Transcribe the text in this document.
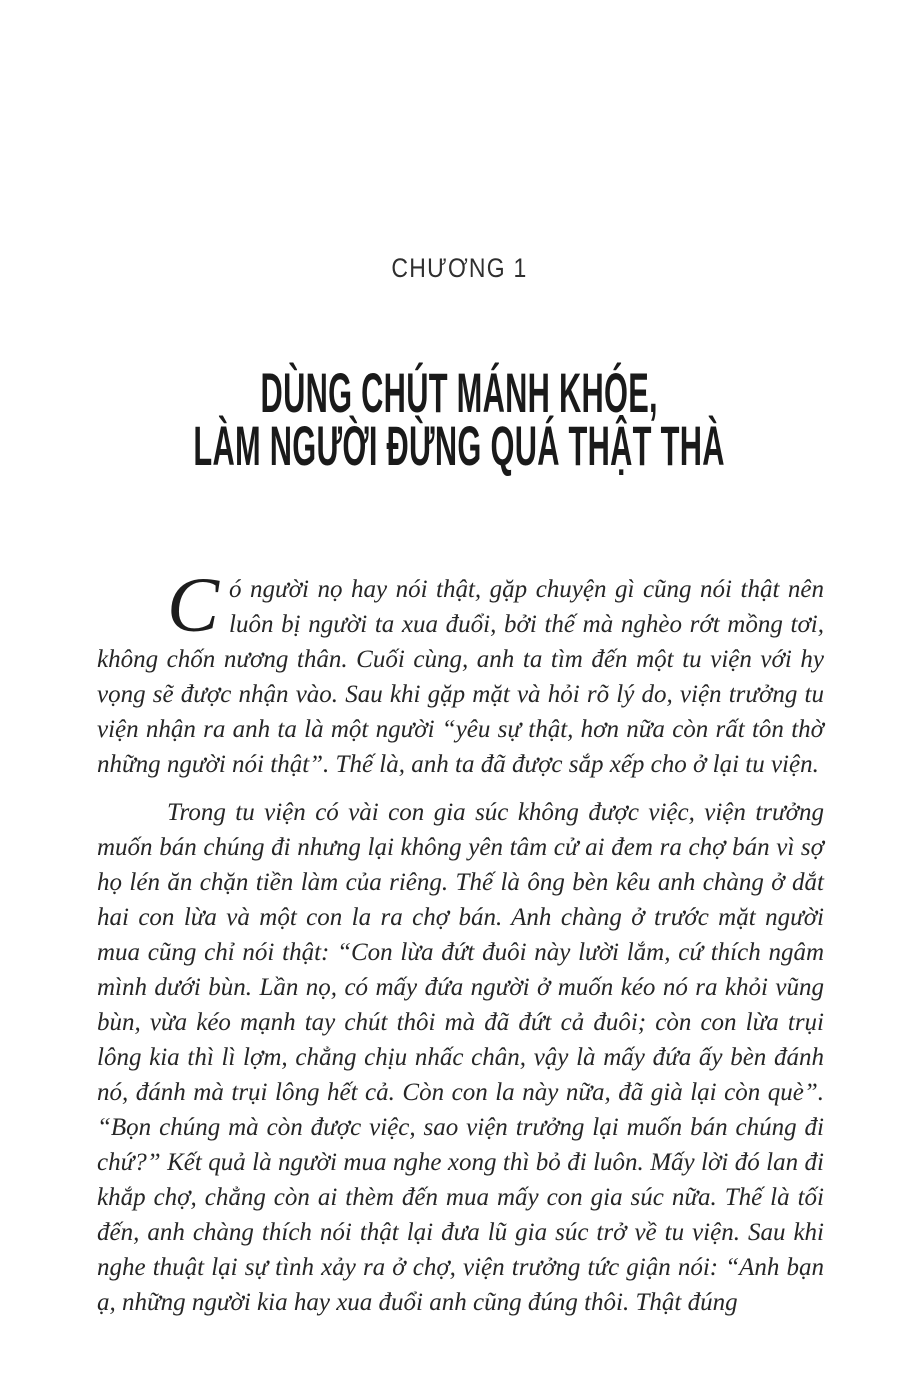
CHƯƠNG 1
DÙNG CHÚT MÁNH KHÓE,
LÀM NGƯỜI ĐỪNG QUÁ THẬT THÀ

Có người nọ hay nói thật, gặp chuyện gì cũng nói thật nên luôn bị người ta xua đuổi, bởi thế mà nghèo rớt mồng tơi, không chốn nương thân. Cuối cùng, anh ta tìm đến một tu viện với hy vọng sẽ được nhận vào. Sau khi gặp mặt và hỏi rõ lý do, viện trưởng tu viện nhận ra anh ta là một người “yêu sự thật, hơn nữa còn rất tôn thờ những người nói thật”. Thế là, anh ta đã được sắp xếp cho ở lại tu viện.

Trong tu viện có vài con gia súc không được việc, viện trưởng muốn bán chúng đi nhưng lại không yên tâm cử ai đem ra chợ bán vì sợ họ lén ăn chặn tiền làm của riêng. Thế là ông bèn kêu anh chàng ở dắt hai con lừa và một con la ra chợ bán. Anh chàng ở trước mặt người mua cũng chỉ nói thật: “Con lừa đứt đuôi này lười lắm, cứ thích ngâm mình dưới bùn. Lần nọ, có mấy đứa người ở muốn kéo nó ra khỏi vũng bùn, vừa kéo mạnh tay chút thôi mà đã đứt cả đuôi; còn con lừa trụi lông kia thì lì lợm, chẳng chịu nhấc chân, vậy là mấy đứa ấy bèn đánh nó, đánh mà trụi lông hết cả. Còn con la này nữa, đã già lại còn què”. “Bọn chúng mà còn được việc, sao viện trưởng lại muốn bán chúng đi chứ?” Kết quả là người mua nghe xong thì bỏ đi luôn. Mấy lời đó lan đi khắp chợ, chẳng còn ai thèm đến mua mấy con gia súc nữa. Thế là tối đến, anh chàng thích nói thật lại đưa lũ gia súc trở về tu viện. Sau khi nghe thuật lại sự tình xảy ra ở chợ, viện trưởng tức giận nói: “Anh bạn ạ, những người kia hay xua đuổi anh cũng đúng thôi. Thật đúng
